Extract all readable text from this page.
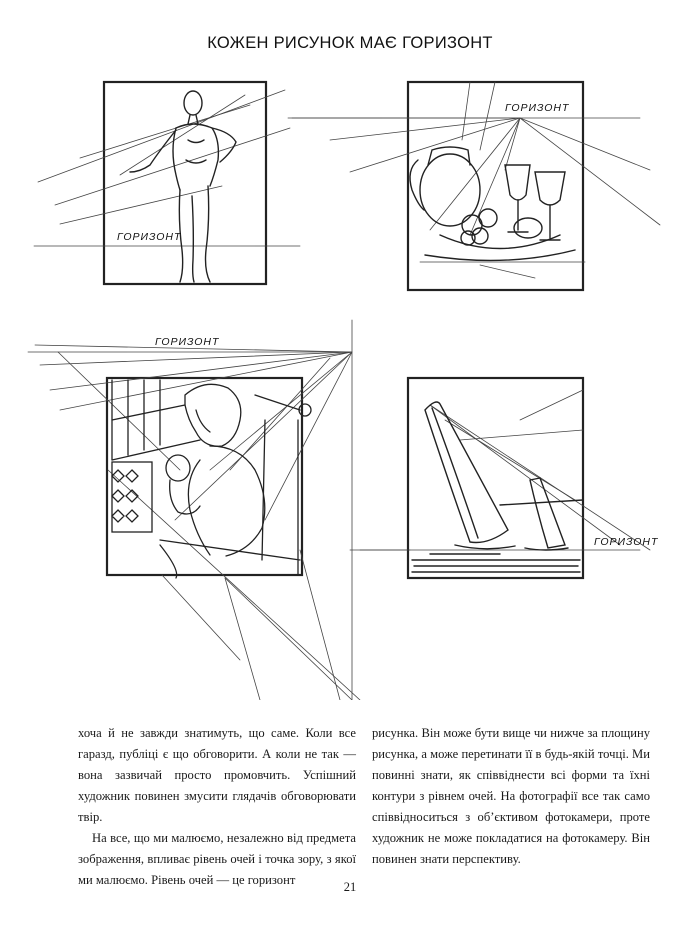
КОЖЕН РИСУНОК МАЄ ГОРИЗОНТ
ГОРИЗОНТ
ГОРИЗОНТ
ГОРИЗОНТ
ГОРИЗОНТ

хоча й не завжди знатимуть, що саме. Коли все гаразд, публіці є що обговорити. А коли не так — вона зазвичай просто промовчить. Успішний художник повинен змусити глядачів обговорювати твір.

На все, що ми малюємо, незалежно від предмета зображення, впливає рівень очей і точка зору, з якої ми малюємо. Рівень очей — це горизонт

рисунка. Він може бути вище чи нижче за площину рисунка, а може перетинати її в будь-якій точці. Ми повинні знати, як співвіднести всі форми та їхні контури з рівнем очей. На фотографії все так само співвідноситься з об’єктивом фотокамери, проте художник не може покладатися на фотокамеру. Він повинен знати перспективу.

21
